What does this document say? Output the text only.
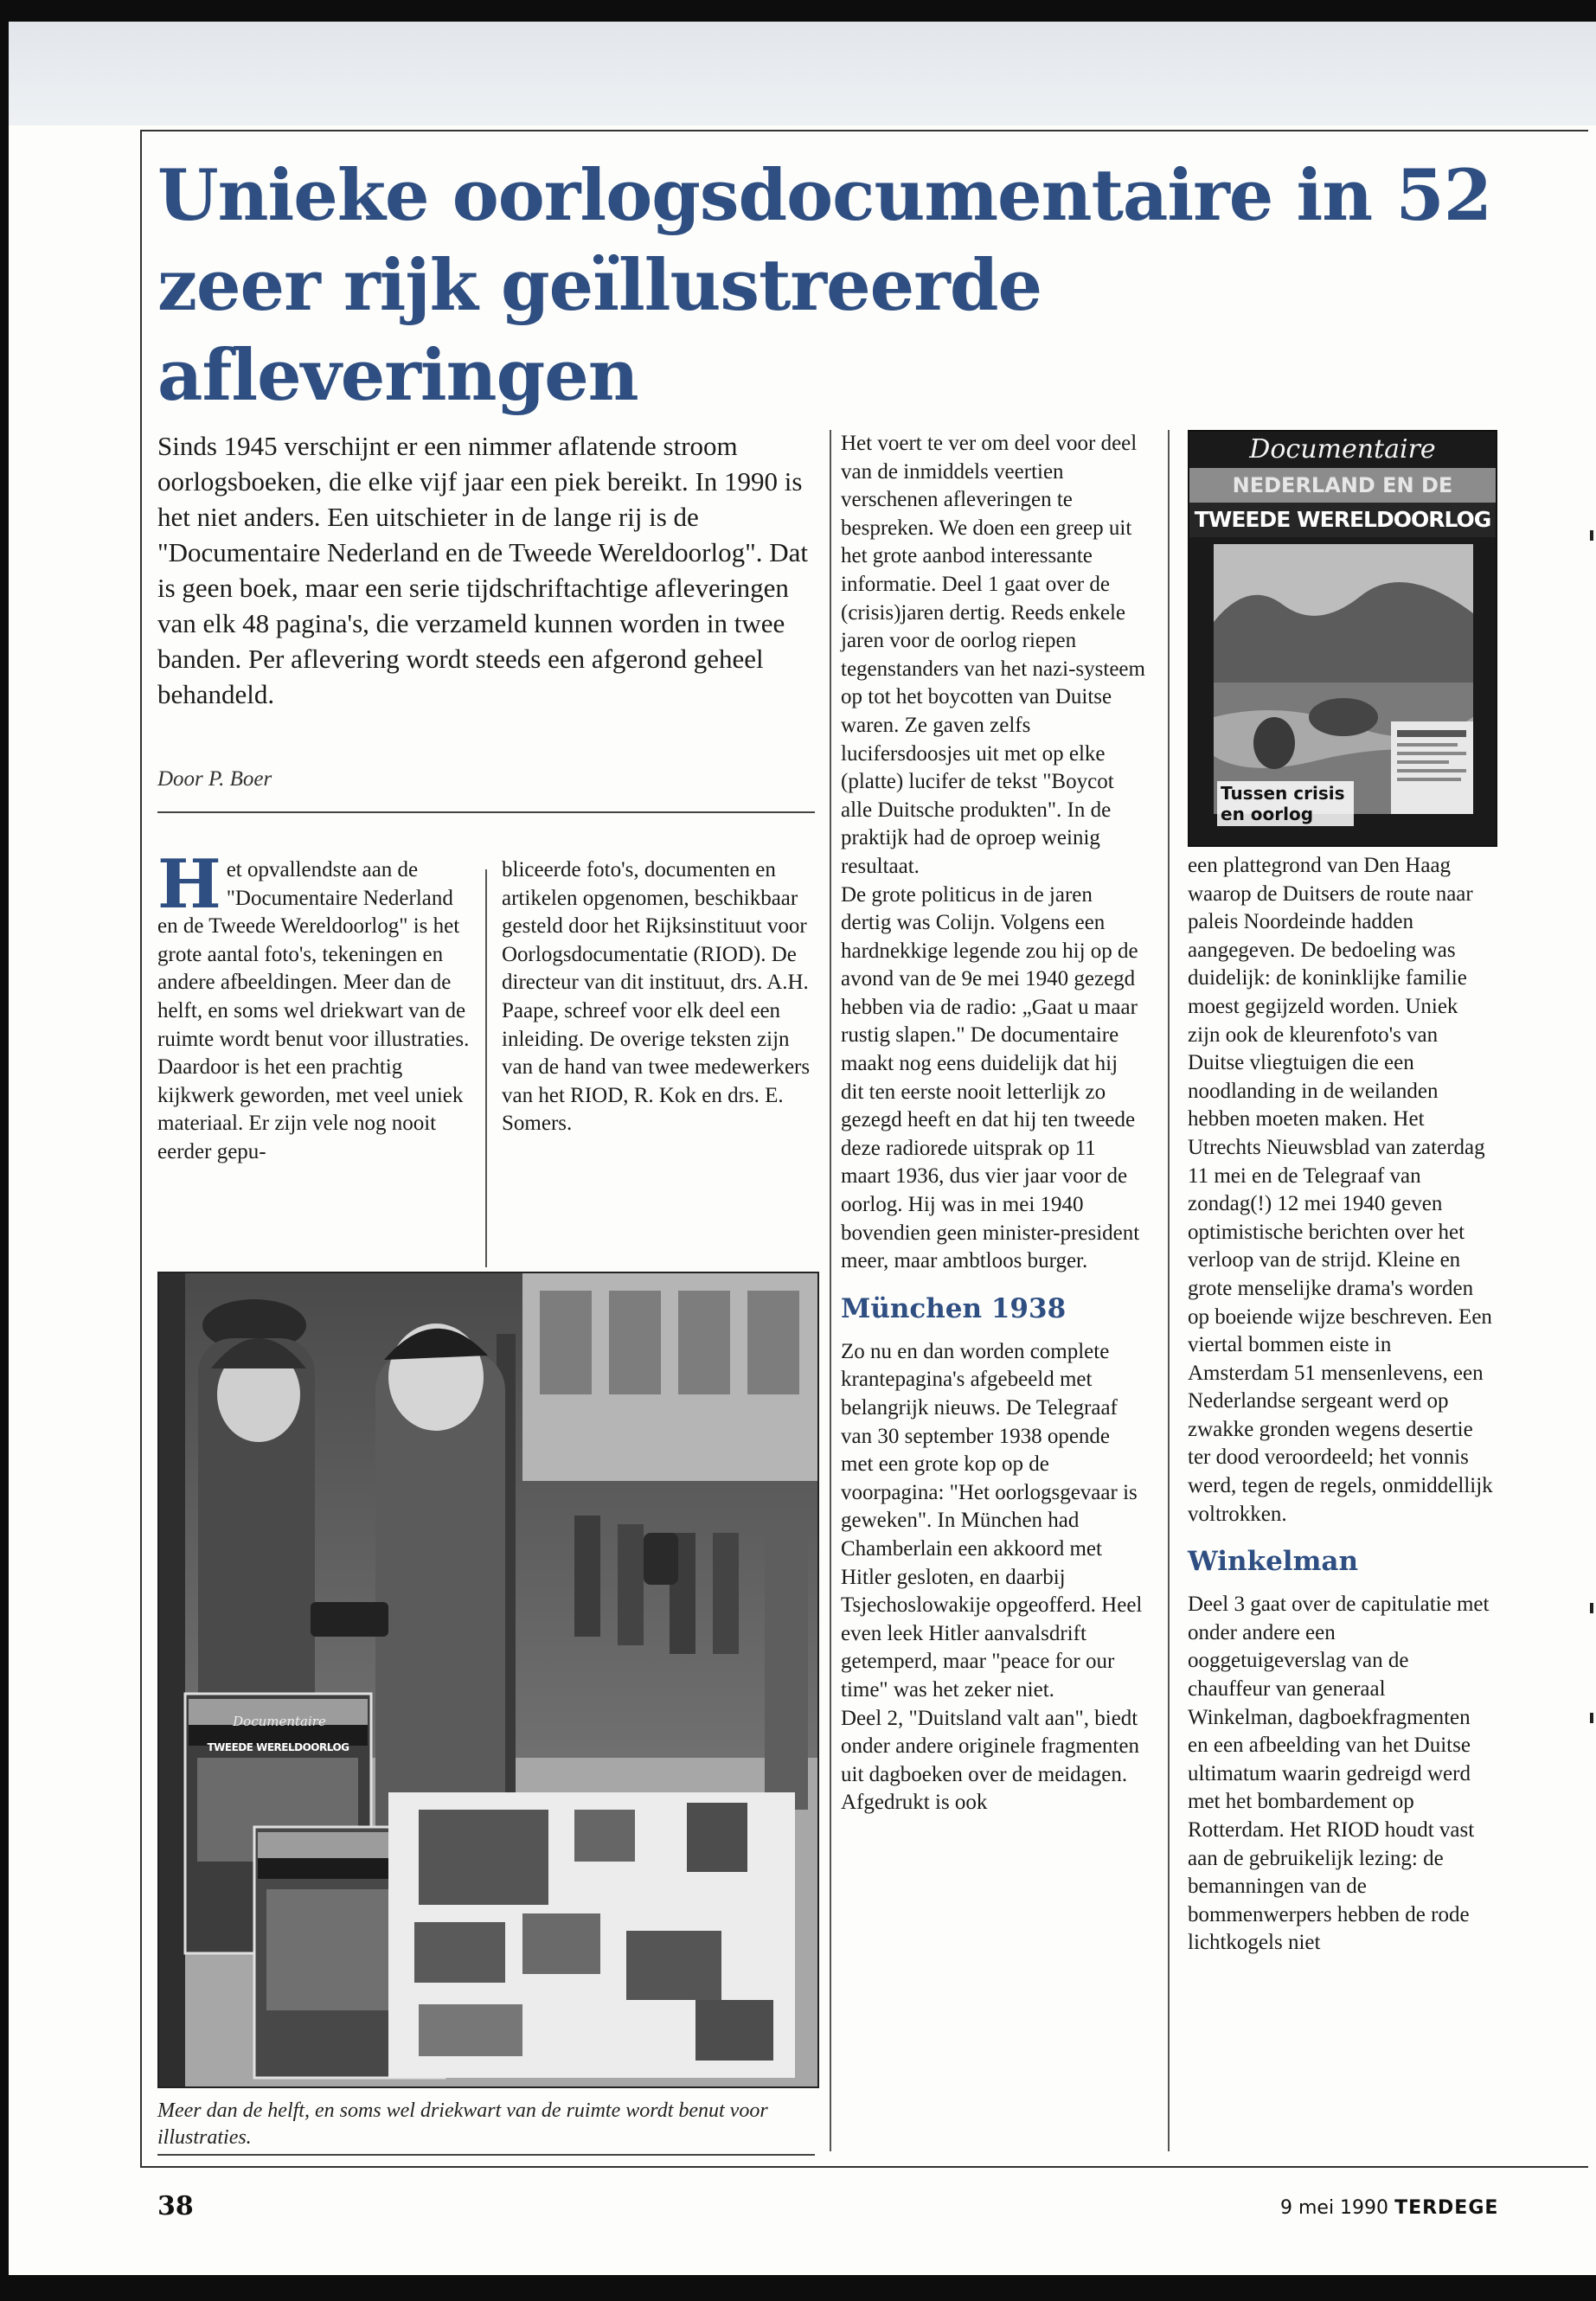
Unieke oorlogsdocumentaire in 52
zeer rijk geïllustreerde afleveringen

Sinds 1945 verschijnt er een nimmer aflatende stroom oorlogsboeken, die elke vijf jaar een piek bereikt. In 1990 is het niet anders. Een uitschieter in de lange rij is de "Documentaire Nederland en de Tweede Wereldoorlog". Dat is geen boek, maar een serie tijdschriftachtige afleveringen van elk 48 pagina's, die verzameld kunnen worden in twee banden. Per aflevering wordt steeds een afgerond geheel behandeld.

Door P. Boer

H et opvallendste aan de "Documentaire Nederland en de Tweede Wereldoorlog" is het grote aantal foto's, tekeningen en andere afbeeldingen. Meer dan de helft, en soms wel driekwart van de ruimte wordt benut voor illustraties. Daardoor is het een prachtig kijkwerk geworden, met veel uniek materiaal. Er zijn vele nog nooit eerder gepu-

bliceerde foto's, documenten en artikelen opgenomen, beschikbaar gesteld door het Rijksinstituut voor Oorlogsdocumentatie (RIOD). De directeur van dit instituut, drs. A.H. Paape, schreef voor elk deel een inleiding. De overige teksten zijn van de hand van twee medewerkers van het RIOD, R. Kok en drs. E. Somers.

Het voert te ver om deel voor deel van de inmiddels veertien verschenen afleveringen te bespreken. We doen een greep uit het grote aanbod interessante informatie. Deel 1 gaat over de (crisis)jaren dertig. Reeds enkele jaren voor de oorlog riepen tegenstanders van het nazi-systeem op tot het boycotten van Duitse waren. Ze gaven zelfs lucifersdoosjes uit met op elke (platte) lucifer de tekst "Boycot alle Duitsche produkten". In de praktijk had de oproep weinig resultaat.

De grote politicus in de jaren dertig was Colijn. Volgens een hardnekkige legende zou hij op de avond van de 9e mei 1940 gezegd hebben via de radio: „Gaat u maar rustig slapen." De documentaire maakt nog eens duidelijk dat hij dit ten eerste nooit letterlijk zo gezegd heeft en dat hij ten tweede deze radiorede uitsprak op 11 maart 1936, dus vier jaar voor de oorlog. Hij was in mei 1940 bovendien geen minister-president meer, maar ambtloos burger.

München 1938

Zo nu en dan worden complete krantepagina's afgebeeld met belangrijk nieuws. De Telegraaf van 30 september 1938 opende met een grote kop op de voorpagina: "Het oorlogsgevaar is geweken". In München had Chamberlain een akkoord met Hitler gesloten, en daarbij Tsjechoslowakije opgeofferd. Heel even leek Hitler aanvalsdrift getemperd, maar "peace for our time" was het zeker niet.

Deel 2, "Duitsland valt aan", biedt onder andere originele fragmenten uit dagboeken over de meidagen. Afgedrukt is ook

Documentaire

NEDERLAND EN DE

TWEEDE WERELDOORLOG

Tussen crisis en oorlog

een plattegrond van Den Haag waarop de Duitsers de route naar paleis Noordeinde hadden aangegeven. De bedoeling was duidelijk: de koninklijke familie moest gegijzeld worden. Uniek zijn ook de kleurenfoto's van Duitse vliegtuigen die een noodlanding in de weilanden hebben moeten maken. Het Utrechts Nieuwsblad van zaterdag 11 mei en de Telegraaf van zondag(!) 12 mei 1940 geven optimistische berichten over het verloop van de strijd. Kleine en grote menselijke drama's worden op boeiende wijze beschreven. Een viertal bommen eiste in Amsterdam 51 mensenlevens, een Nederlandse sergeant werd op zwakke gronden wegens desertie ter dood veroordeeld; het vonnis werd, tegen de regels, onmiddellijk voltrokken.

Winkelman

Deel 3 gaat over de capitulatie met onder andere een ooggetuigeverslag van de chauffeur van generaal Winkelman, dagboekfragmenten en een afbeelding van het Duitse ultimatum waarin gedreigd werd met het bombardement op Rotterdam. Het RIOD houdt vast aan de gebruikelijk lezing: de bemanningen van de bommenwerpers hebben de rode lichtkogels niet

Documentaire
TWEEDE WERELDOORLOG

Meer dan de helft, en soms wel driekwart van de ruimte wordt benut voor illustraties.

38	9 mei 1990 TERDEGE
